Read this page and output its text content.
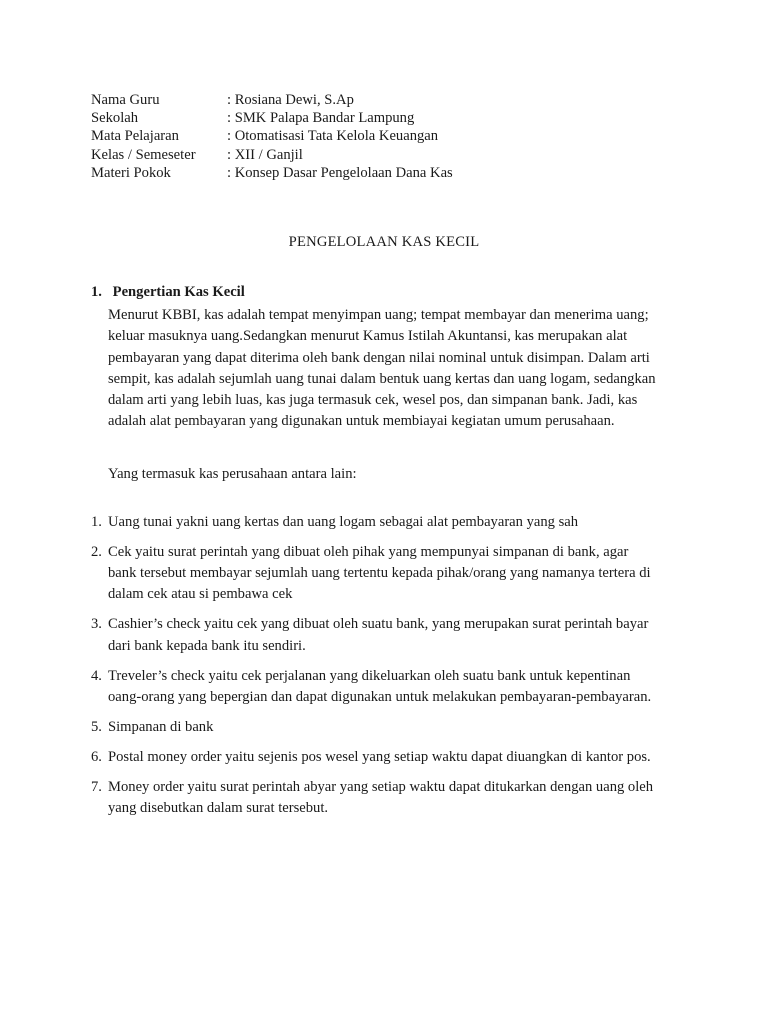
Nama Guru	: Rosiana Dewi, S.Ap
Sekolah	: SMK Palapa Bandar Lampung
Mata Pelajaran	: Otomatisasi Tata Kelola Keuangan
Kelas / Semeseter	: XII / Ganjil
Materi Pokok	: Konsep Dasar Pengelolaan Dana Kas
PENGELOLAAN KAS KECIL
1. Pengertian Kas Kecil
Menurut KBBI, kas adalah tempat menyimpan uang; tempat membayar dan menerima uang;
keluar masuknya uang.Sedangkan menurut Kamus Istilah Akuntansi, kas merupakan alat
pembayaran yang dapat diterima oleh bank dengan nilai nominal untuk disimpan. Dalam arti
sempit, kas adalah sejumlah uang tunai dalam bentuk uang kertas dan uang logam, sedangkan
dalam arti yang lebih luas, kas juga termasuk cek, wesel pos, dan simpanan bank. Jadi, kas
adalah alat pembayaran yang digunakan untuk membiayai kegiatan umum perusahaan.
Yang termasuk kas perusahaan antara lain:
1. Uang tunai yakni uang kertas dan uang logam sebagai alat pembayaran yang sah
2. Cek yaitu surat perintah yang dibuat oleh pihak yang mempunyai simpanan di bank, agar
bank tersebut membayar sejumlah uang tertentu kepada pihak/orang yang namanya tertera di
dalam cek atau si pembawa cek
3. Cashier’s check yaitu cek yang dibuat oleh suatu bank, yang merupakan surat perintah bayar
dari bank kepada bank itu sendiri.
4. Treveler’s check yaitu cek perjalanan yang dikeluarkan oleh suatu bank untuk kepentinan
oang-orang yang bepergian dan dapat digunakan untuk melakukan pembayaran-pembayaran.
5. Simpanan di bank
6. Postal money order yaitu sejenis pos wesel yang setiap waktu dapat diuangkan di kantor pos.
7. Money order yaitu surat perintah abyar yang setiap waktu dapat ditukarkan dengan uang oleh
yang disebutkan dalam surat tersebut.
